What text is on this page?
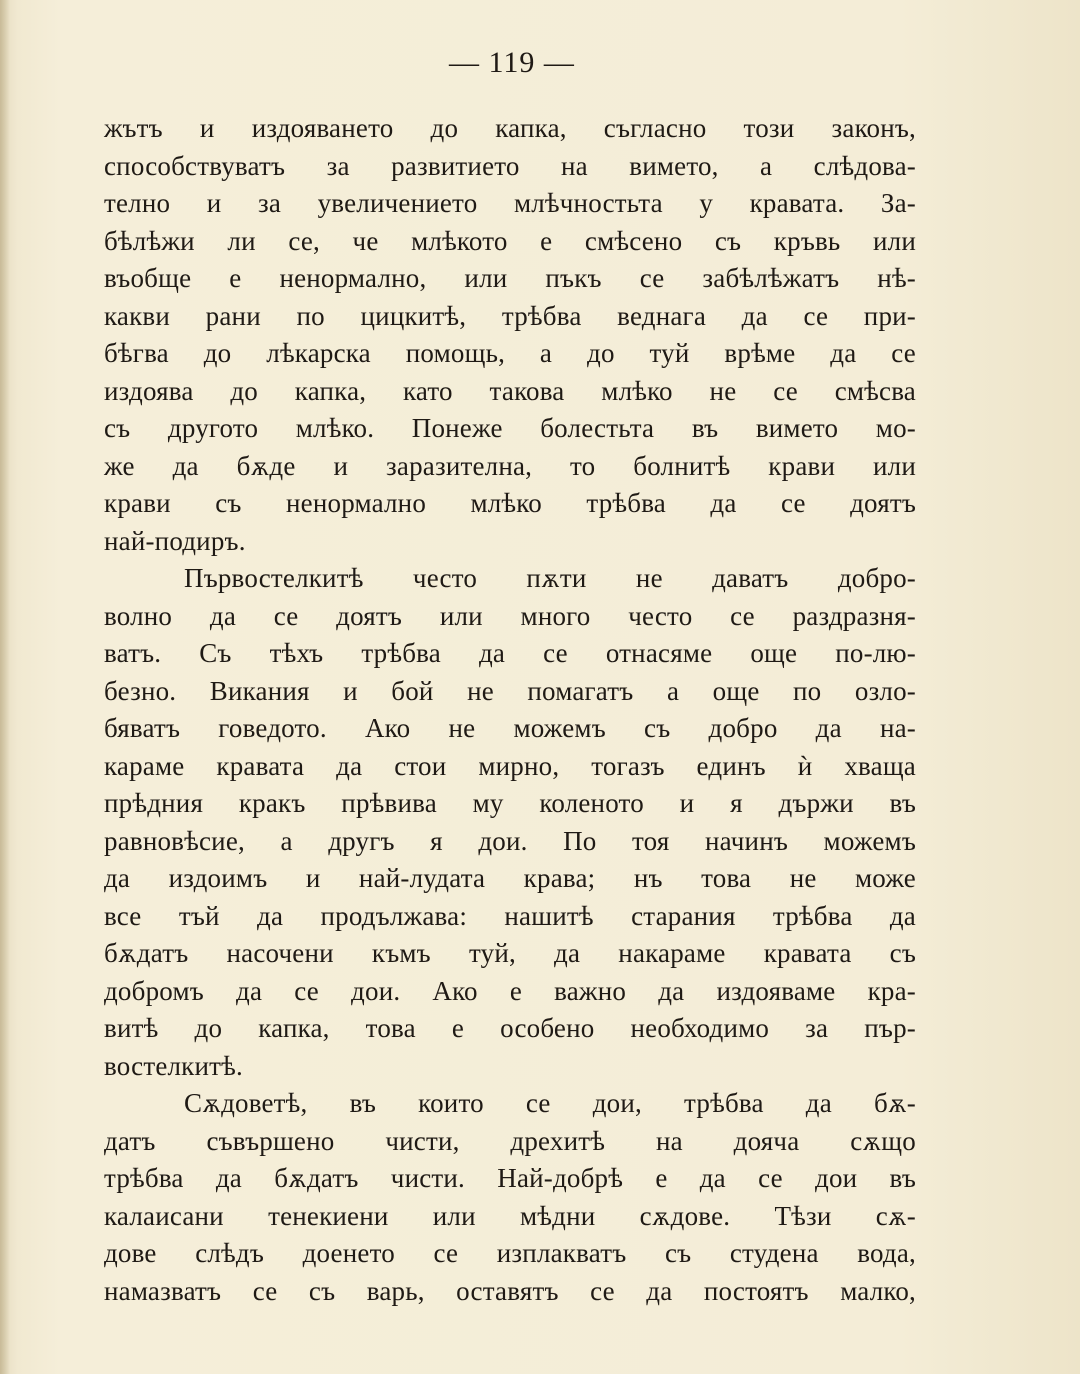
— 119 —
жътъ и издояването до капка, съгласно този законъ,
способствуватъ за развитието на вимето, а слѣдова-
телно и за увеличението млѣчностьта у кравата. За-
бѣлѣжи ли се, че млѣкото е смѣсено съ кръвь или
въобще е ненормално, или пъкъ се забѣлѣжатъ нѣ-
какви рани по цицкитѣ, трѣбва веднага да се при-
бѣгва до лѣкарска помощь, а до туй врѣме да се
издоява до капка, като такова млѣко не се смѣсва
съ другото млѣко. Понеже болестьта въ вимето мо-
же да бѫде и заразителна, то болнитѣ крави или
крави съ ненормално млѣко трѣбва да се доятъ
най-подиръ.
Първостелкитѣ често пѫти не даватъ добро-
волно да се доятъ или много често се раздразня-
ватъ. Съ тѣхъ трѣбва да се отнасяме още по-лю-
безно. Викания и бой не помагатъ а още по озло-
бяватъ говедото. Ако не можемъ съ добро да на-
караме кравата да стои мирно, тогазъ единъ ѝ хваща
прѣдния кракъ прѣвива му коленото и я държи въ
равновѣсие, а другъ я дои. По тоя начинъ можемъ
да издоимъ и най-лудата крава; нъ това не може
все тъй да продължава: нашитѣ старания трѣбва да
бѫдатъ насочени къмъ туй, да накараме кравата съ
добромъ да се дои. Ако е важно да издояваме кра-
витѣ до капка, това е особено необходимо за пър-
востелкитѣ.
Сѫдоветѣ, въ които се дои, трѣбва да бѫ-
датъ съвършено чисти, дрехитѣ на дояча сѫщо
трѣбва да бѫдатъ чисти. Най-добрѣ е да се дои въ
калаисани тенекиени или мѣдни сѫдове. Тѣзи сѫ-
дове слѣдъ доенето се изплакватъ съ студена вода,
намазватъ се съ варь, оставятъ се да постоятъ малко,
